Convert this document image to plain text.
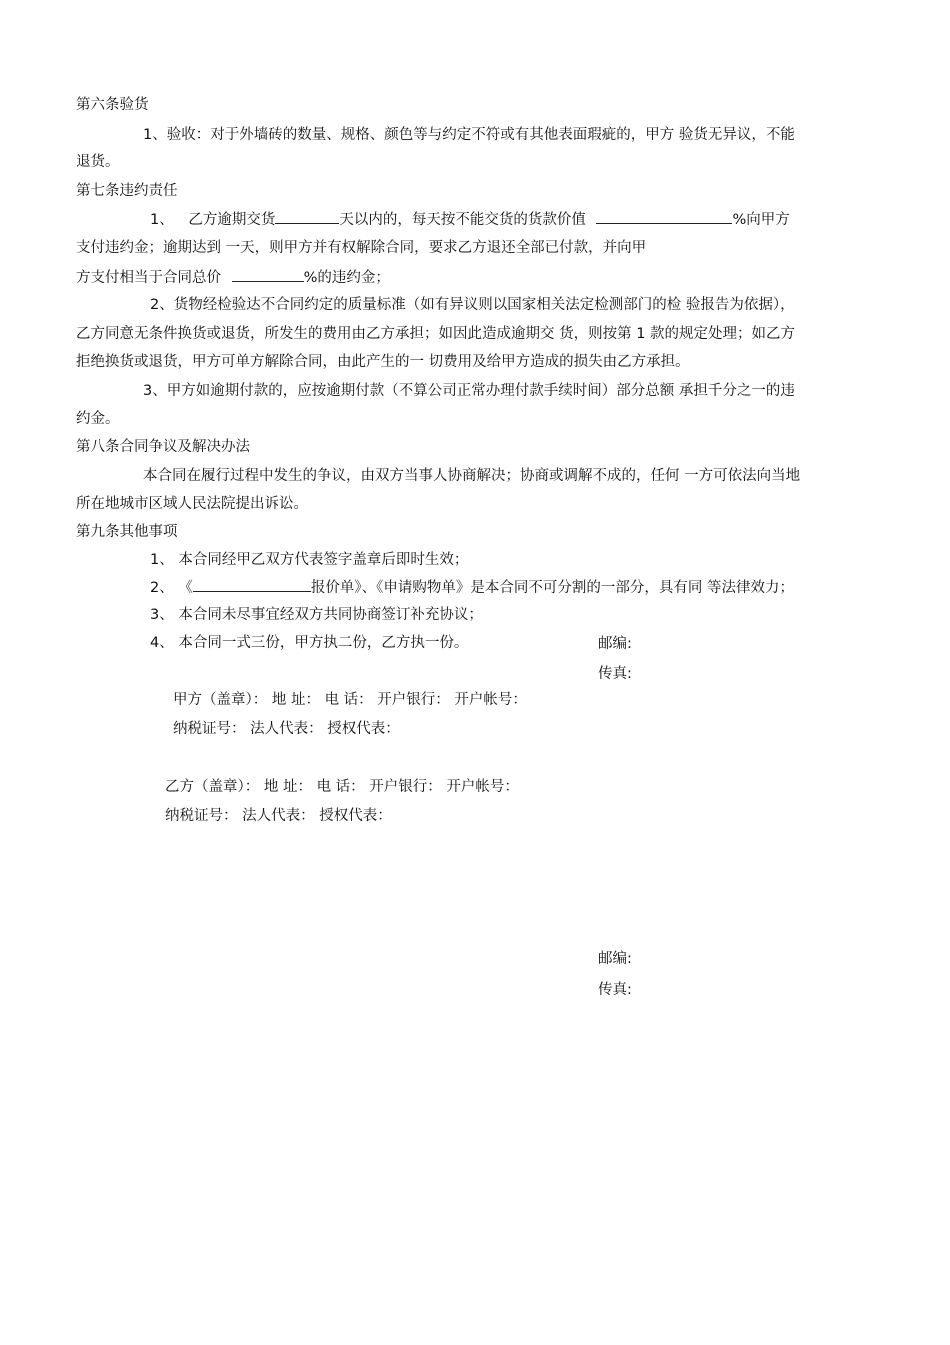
第六条验货
1、验收：对于外墙砖的数量、规格、颜色等与约定不符或有其他表面瑕疵的，甲方 验货无异议，不能
退货。
第七条违约责任
1、 乙方逾期交货	天以内的，每天按不能交货的货款价值	%向甲方
支付违约金；逾期达到 一天，则甲方并有权解除合同，要求乙方退还全部已付款，并向甲
方支付相当于合同总价	%的违约金；
2、货物经检验达不合同约定的质量标准（如有异议则以国家相关法定检测部门的检 验报告为依据），
乙方同意无条件换货或退货，所发生的费用由乙方承担；如因此造成逾期交 货，则按第 1 款的规定处理；如乙方
拒绝换货或退货，甲方可单方解除合同，由此产生的一 切费用及给甲方造成的损失由乙方承担。
3、甲方如逾期付款的，应按逾期付款（不算公司正常办理付款手续时间）部分总额 承担千分之一的违
约金。
第八条合同争议及解决办法
本合同在履行过程中发生的争议，由双方当事人协商解决；协商或调解不成的，任何 一方可依法向当地
所在地城市区域人民法院提出诉讼。
第九条其他事项
1、 本合同经甲乙双方代表签字盖章后即时生效；
2、 《	报价单》、《申请购物单》是本合同不可分割的一部分，具有同 等法律效力；
3、 本合同未尽事宜经双方共同协商签订补充协议；
4、 本合同一式三份，甲方执二份，乙方执一份。	邮编:
传真:
甲方（盖章）： 地 址： 电 话： 开户银行： 开户帐号：
纳税证号： 法人代表： 授权代表：
乙方（盖章）： 地 址： 电 话： 开户银行： 开户帐号：
纳税证号： 法人代表： 授权代表：
邮编:
传真:
